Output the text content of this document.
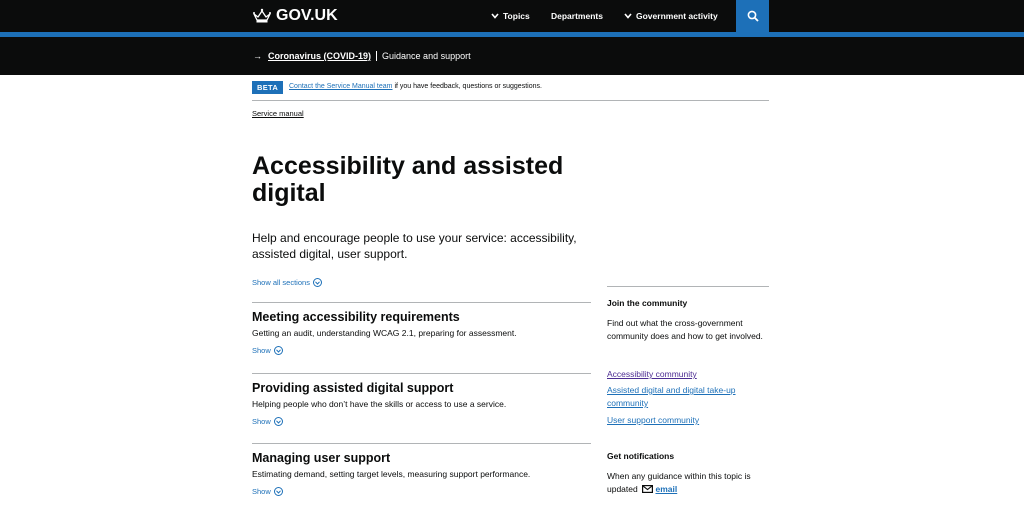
GOV.UK	Topics Departments	Government activity
→ Coronavirus (COVID-19) Guidance and support
BETA	Contact the Service Manual team if you have feedback, questions or suggestions.
Service manual
Accessibility and assisted digital

Help and encourage people to use your service: accessibility, assisted digital, user support.

Show all sections
Meeting accessibility requirements
Getting an audit, understanding WCAG 2.1, preparing for assessment.
Show
Providing assisted digital support
Helping people who don’t have the skills or access to use a service.
Show
Managing user support
Estimating demand, setting target levels, measuring support performance.
Show
Join the community
Find out what the cross-government community does and how to get involved.
Accessibility community
Assisted digital and digital take-up community
User support community
Get notifications
When any guidance within this topic is updated email
